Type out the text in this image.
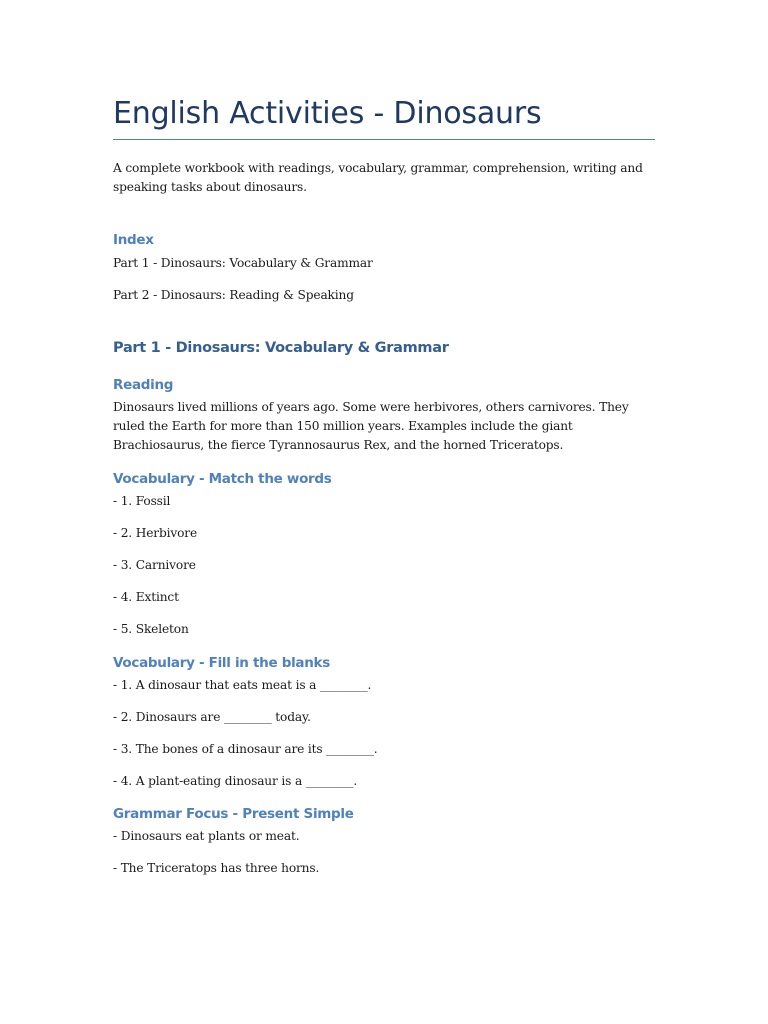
English Activities - Dinosaurs

A complete workbook with readings, vocabulary, grammar, comprehension, writing and speaking tasks about dinosaurs.

Index

Part 1 - Dinosaurs: Vocabulary & Grammar

Part 2 - Dinosaurs: Reading & Speaking

Part 1 - Dinosaurs: Vocabulary & Grammar
Reading

Dinosaurs lived millions of years ago. Some were herbivores, others carnivores. They ruled the Earth for more than 150 million years. Examples include the giant Brachiosaurus, the fierce Tyrannosaurus Rex, and the horned Triceratops.

Vocabulary - Match the words

- 1. Fossil

- 2. Herbivore

- 3. Carnivore

- 4. Extinct

- 5. Skeleton

Vocabulary - Fill in the blanks

- 1. A dinosaur that eats meat is a ________.

- 2. Dinosaurs are ________ today.

- 3. The bones of a dinosaur are its ________.

- 4. A plant-eating dinosaur is a ________.

Grammar Focus - Present Simple

- Dinosaurs eat plants or meat.

- The Triceratops has three horns.
